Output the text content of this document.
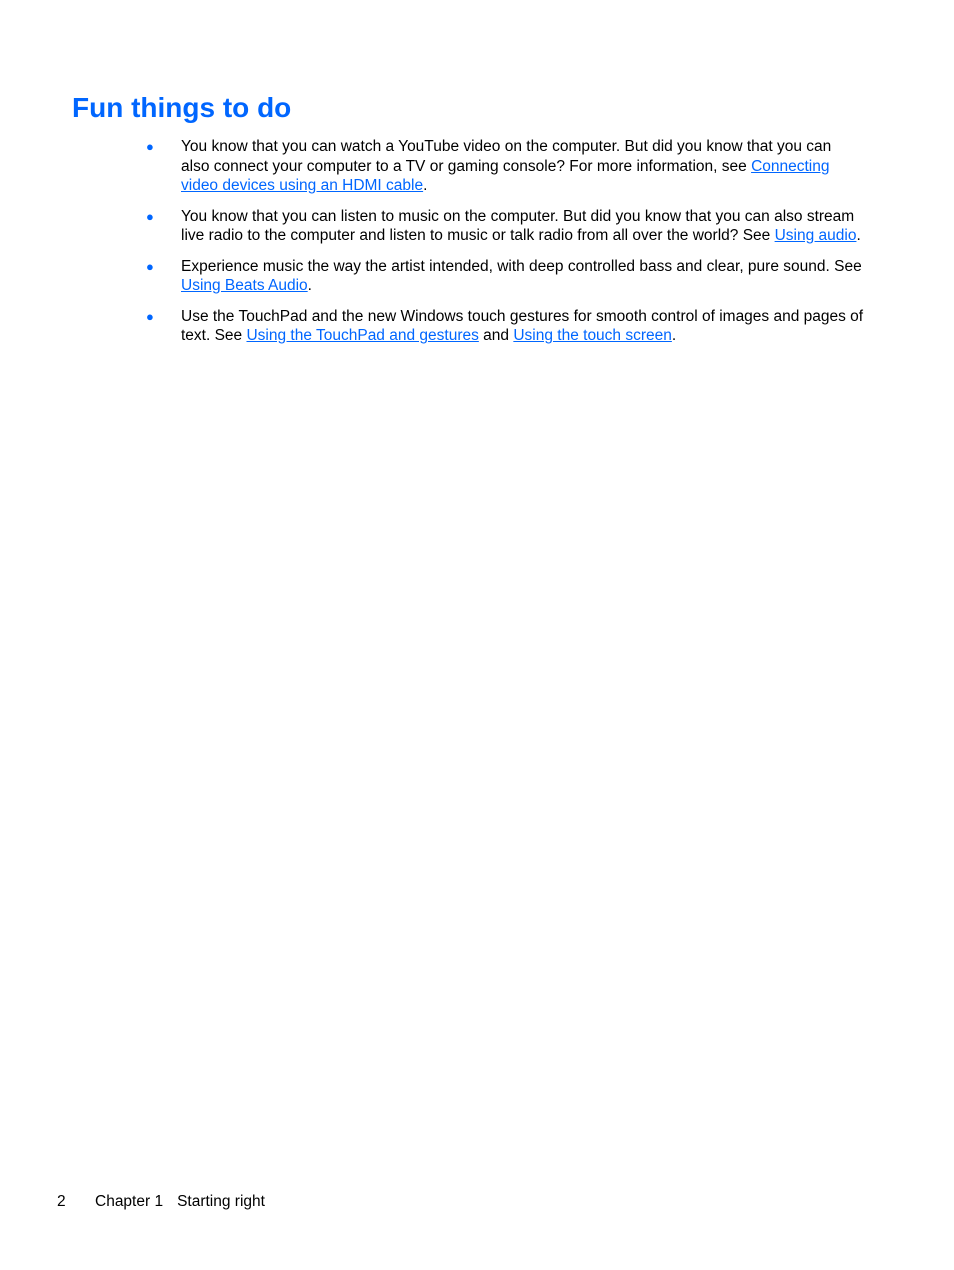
Fun things to do
● You know that you can watch a YouTube video on the computer. But did you know that you can also connect your computer to a TV or gaming console? For more information, see Connecting video devices using an HDMI cable.
● You know that you can listen to music on the computer. But did you know that you can also stream live radio to the computer and listen to music or talk radio from all over the world? See Using audio.
● Experience music the way the artist intended, with deep controlled bass and clear, pure sound. See Using Beats Audio.
● Use the TouchPad and the new Windows touch gestures for smooth control of images and pages of text. See Using the TouchPad and gestures and Using the touch screen.
2 Chapter 1 Starting right
